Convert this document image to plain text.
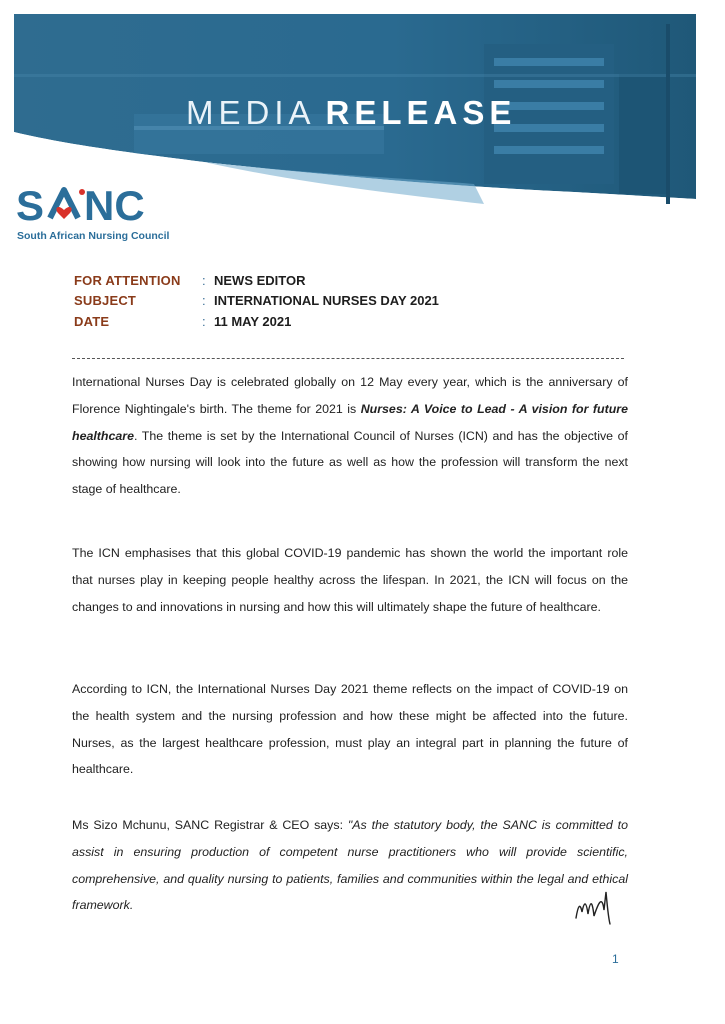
MEDIA RELEASE
S NC
South African Nursing Council
FOR ATTENTION	: NEWS EDITOR
SUBJECT	: INTERNATIONAL NURSES DAY 2021
DATE	: 11 MAY 2021

International Nurses Day is celebrated globally on 12 May every year, which is the anniversary of Florence Nightingale's birth. The theme for 2021 is Nurses: A Voice to Lead - A vision for future healthcare. The theme is set by the International Council of Nurses (ICN) and has the objective of showing how nursing will look into the future as well as how the profession will transform the next stage of healthcare.

The ICN emphasises that this global COVID-19 pandemic has shown the world the important role that nurses play in keeping people healthy across the lifespan. In 2021, the ICN will focus on the changes to and innovations in nursing and how this will ultimately shape the future of healthcare.

According to ICN, the International Nurses Day 2021 theme reflects on the impact of COVID-19 on the health system and the nursing profession and how these might be affected into the future. Nurses, as the largest healthcare profession, must play an integral part in planning the future of healthcare.

Ms Sizo Mchunu, SANC Registrar & CEO says: "As the statutory body, the SANC is committed to assist in ensuring production of competent nurse practitioners who will provide scientific, comprehensive, and quality nursing to patients, families and communities within the legal and ethical framework.

1
